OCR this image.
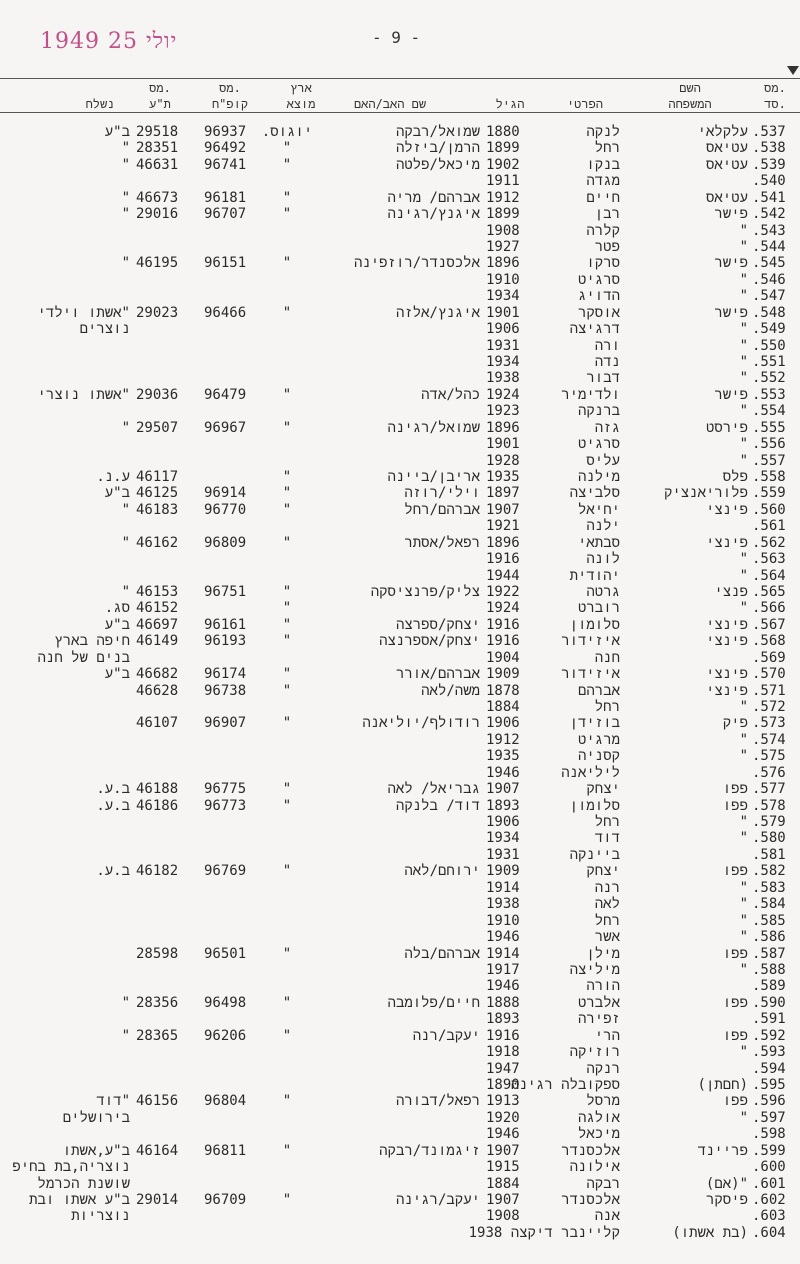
1949 יולי 25	- 9 -
מס.
סד.
השם
המשפחה
הפרטי
הגיל
שם האב/האם
ארץ
מוצא
מס.
קופ"ח
מס.
ת"ע
נשלח
.537
עלקלאי
לנקה
1880
שמואל/רבקה
יוגוס.
96937
29518
ב"ע
.538
עטיאס
רחל
1899
הרמן/ביזלה
"
96492
28351
"
.539
עטיאס
בנקו
1902
מיכאל/פלטה
"
96741
46631
"
.540
מגדה
1911
.541
עטיאס
חיים
1912
אברהם/ מריה
"
96181
46673
"
.542
פישר
רבן
1899
איגנץ/רגינה
"
96707
29016
"
.543
"
קלרה
1908
.544
"
פטר
1927
.545
פישר
סרקו
1896
אלכסנדר/רוזפינה
"
96151
46195
"
.546
"
סרגיט
1910
.547
"
הדויג
1934
.548
פישר
אוסקר
1901
איגנץ/אלזה
"
96466
29023
"אשתו וילדי
.549
"
דרגיצה
1906
נוצרים
.550
"
ורה
1931
.551
"
נדה
1934
.552
"
דבור
1938
.553
פישר
ולדימיר
1924
כהל/אדה
"
96479
29036
"אשתו נוצרי
.554
"
ברנקה
1923
.555
פירסט
גזה
1896
שמואל/רגינה
"
96967
29507
"
.556
"
סרגיט
1901
.557
"
עליס
1928
.558
פלס
מילנה
1935
אריבן/ביינה
"
46117
ע.נ.
.559
פלוריאנציק
סלביצה
1897
וילי/רוזה
"
96914
46125
ב"ע
.560
פינצי
יחיאל
1907
אברהם/רחל
"
96770
46183
"
.561
ילנה
1921
.562
פינצי
סבתאי
1896
רפאל/אסתר
"
96809
46162
"
.563
"
לונה
1916
.564
"
יהודית
1944
.565
פנצי
גרטה
1922
צליק/פרנציסקה
"
96751
46153
"
.566
"
רוברט
1924
"
46152
סג.
.567
פינצי
סלומון
1916
יצחק/ספרצה
"
96161
46697
ב"ע
.568
פינצי
איזידור
1916
יצחק/אספרנצה
"
96193
46149
חיפה בארץ
.569
חנה
1904
בנים של חנה
.570
פינצי
איזידור
1909
אברהם/אורר
"
96174
46682
ב"ע
.571
פינצי
אברהם
1878
משה/לאה
"
96738
46628
.572
"
רחל
1884
.573
פיק
בוזידן
1906
רודולף/יוליאנה
"
96907
46107
.574
"
מרגיט
1912
.575
"
קסניה
1935
.576
ליליאנה
1946
.577
פפו
יצחק
1907
גבריאל/ לאה
"
96775
46188
ב.ע.
.578
פפו
סלומון
1893
דוד/ בלנקה
"
96773
46186
ב.ע.
.579
"
רחל
1906
.580
"
דוד
1934
.581
ביינקה
1931
.582
פפו
יצחק
1909
ירוחם/לאה
"
96769
46182
ב.ע.
.583
"
רנה
1914
.584
"
לאה
1938
.585
"
רחל
1910
.586
"
אשר
1946
.587
פפו
מילן
1914
אברהם/בלה
"
96501
28598
.588
"
מיליצה
1917
.589
הורה
1946
.590
פפו
אלברט
1888
חיים/פלומבה
"
96498
28356
"
.591
זפירה
1893
.592
פפו
הרי
1916
יעקב/רנה
"
96206
28365
"
.593
"
רוזיקה
1918
.594
רנקה
1947
.595
(חםתן)
ספקובלה רגינה
1890
.596
פפו
מרסל
1913
רפאל/דבורה
"
96804
46156
"דוד
.597
"
אולגה
1920
בירושלים
.598
מיכאל
1946
.599
פריינד
אלכסנדר
1907
זיגמונד/רבקה
"
96811
46164
ב"ע,אשתו
.600
אילונה
1915
נוצריה,בת בחיפ
.601
"(אם)
רבקה
1884
שושנת הכרמל
.602
פיסקר
אלכסנדר
1907
יעקב/רגינה
"
96709
29014
ב"ע אשתו ובת
.603
אנה
1908
נוצריות
.604
(בת אשתו)
קליינבר דיקצה 1938
